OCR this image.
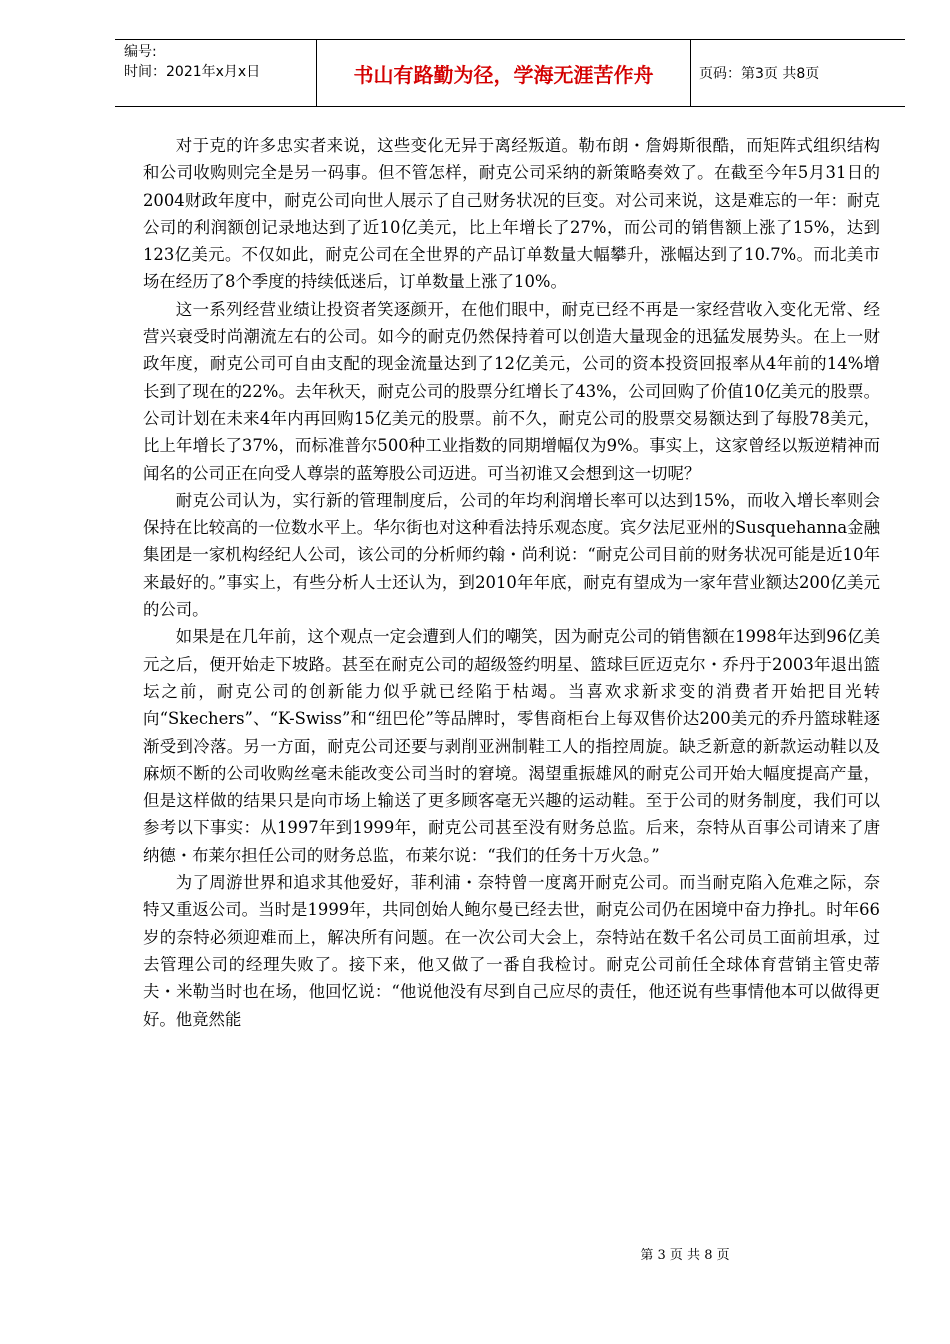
编号:
时间：2021年x月x日	书山有路勤为径，学海无涯苦作舟	页码：第3页 共8页

对于克的许多忠实者来说，这些变化无异于离经叛道。勒布朗・詹姆斯很酷，而矩阵式组织结构和公司收购则完全是另一码事。但不管怎样，耐克公司采纳的新策略奏效了。在截至今年5月31日的2004财政年度中，耐克公司向世人展示了自己财务状况的巨变。对公司来说，这是难忘的一年：耐克公司的利润额创记录地达到了近10亿美元，比上年增长了27%，而公司的销售额上涨了15%，达到123亿美元。不仅如此，耐克公司在全世界的产品订单数量大幅攀升，涨幅达到了10.7%。而北美市场在经历了8个季度的持续低迷后，订单数量上涨了10%。

这一系列经营业绩让投资者笑逐颜开，在他们眼中，耐克已经不再是一家经营收入变化无常、经营兴衰受时尚潮流左右的公司。如今的耐克仍然保持着可以创造大量现金的迅猛发展势头。在上一财政年度，耐克公司可自由支配的现金流量达到了12亿美元，公司的资本投资回报率从4年前的14%增长到了现在的22%。去年秋天，耐克公司的股票分红增长了43%，公司回购了价值10亿美元的股票。公司计划在未来4年内再回购15亿美元的股票。前不久，耐克公司的股票交易额达到了每股78美元，比上年增长了37%，而标准普尔500种工业指数的同期增幅仅为9%。事实上，这家曾经以叛逆精神而闻名的公司正在向受人尊崇的蓝筹股公司迈进。可当初谁又会想到这一切呢？

耐克公司认为，实行新的管理制度后，公司的年均利润增长率可以达到15%，而收入增长率则会保持在比较高的一位数水平上。华尔街也对这种看法持乐观态度。宾夕法尼亚州的Susquehanna金融集团是一家机构经纪人公司，该公司的分析师约翰・尚利说：“耐克公司目前的财务状况可能是近10年来最好的。”事实上，有些分析人士还认为，到2010年年底，耐克有望成为一家年营业额达200亿美元的公司。

如果是在几年前，这个观点一定会遭到人们的嘲笑，因为耐克公司的销售额在1998年达到96亿美元之后，便开始走下坡路。甚至在耐克公司的超级签约明星、篮球巨匠迈克尔・乔丹于2003年退出篮坛之前，耐克公司的创新能力似乎就已经陷于枯竭。当喜欢求新求变的消费者开始把目光转向“Skechers”、“K-Swiss”和“纽巴伦”等品牌时，零售商柜台上每双售价达200美元的乔丹篮球鞋逐渐受到冷落。另一方面，耐克公司还要与剥削亚洲制鞋工人的指控周旋。缺乏新意的新款运动鞋以及麻烦不断的公司收购丝毫未能改变公司当时的窘境。渴望重振雄风的耐克公司开始大幅度提高产量，但是这样做的结果只是向市场上输送了更多顾客毫无兴趣的运动鞋。至于公司的财务制度，我们可以参考以下事实：从1997年到1999年，耐克公司甚至没有财务总监。后来，奈特从百事公司请来了唐纳德・布莱尔担任公司的财务总监，布莱尔说：“我们的任务十万火急。”

为了周游世界和追求其他爱好，菲利浦・奈特曾一度离开耐克公司。而当耐克陷入危难之际，奈特又重返公司。当时是1999年，共同创始人鲍尔曼已经去世，耐克公司仍在困境中奋力挣扎。时年66岁的奈特必须迎难而上，解决所有问题。在一次公司大会上，奈特站在数千名公司员工面前坦承，过去管理公司的经理失败了。接下来，他又做了一番自我检讨。耐克公司前任全球体育营销主管史蒂夫・米勒当时也在场，他回忆说：“他说他没有尽到自己应尽的责任，他还说有些事情他本可以做得更好。他竟然能

第 3 页 共 8 页
